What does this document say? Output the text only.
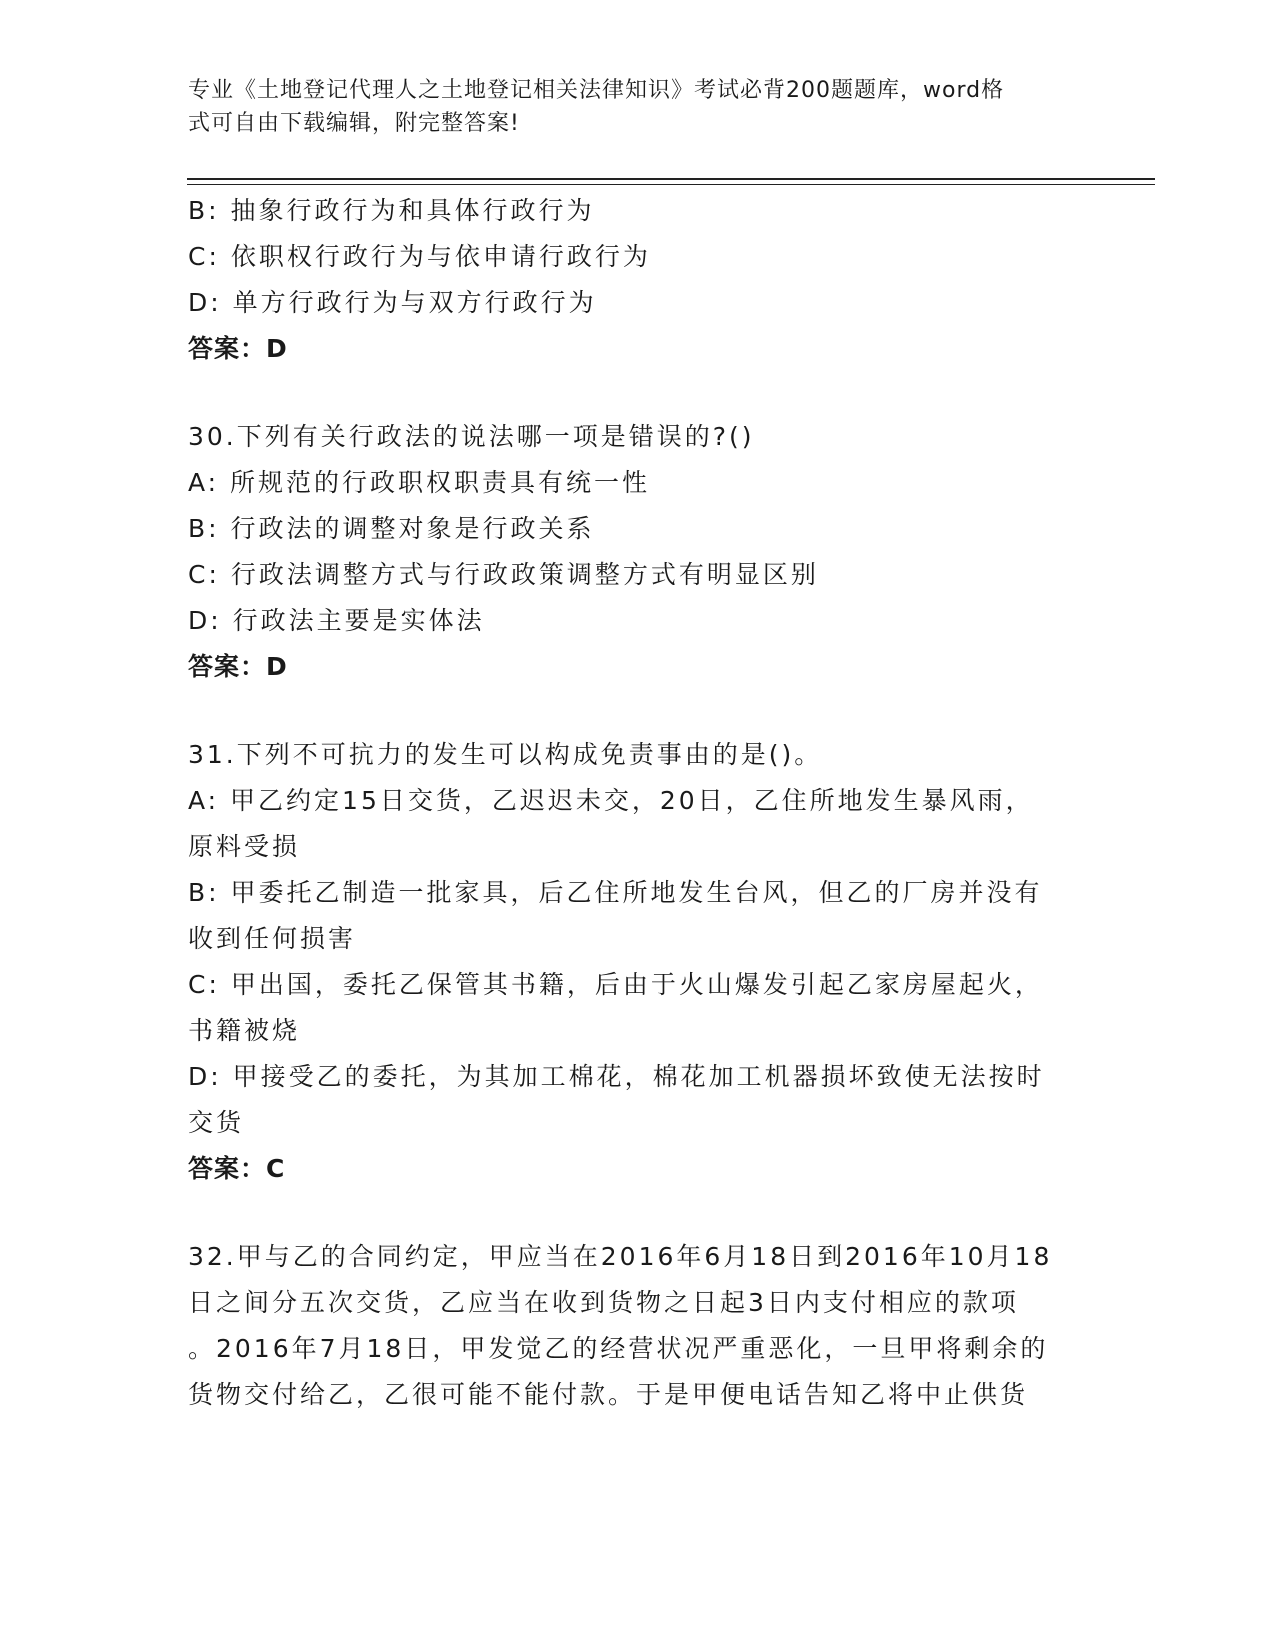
专业《土地登记代理人之土地登记相关法律知识》考试必背200题题库，word格
式可自由下载编辑，附完整答案!
B: 抽象行政行为和具体行政行为
C: 依职权行政行为与依申请行政行为
D: 单方行政行为与双方行政行为
答案：D
30.下列有关行政法的说法哪一项是错误的?()
A: 所规范的行政职权职责具有统一性
B: 行政法的调整对象是行政关系
C: 行政法调整方式与行政政策调整方式有明显区别
D: 行政法主要是实体法
答案：D
31.下列不可抗力的发生可以构成免责事由的是()。
A: 甲乙约定15日交货，乙迟迟未交，20日，乙住所地发生暴风雨，
原料受损
B: 甲委托乙制造一批家具，后乙住所地发生台风，但乙的厂房并没有
收到任何损害
C: 甲出国，委托乙保管其书籍，后由于火山爆发引起乙家房屋起火，
书籍被烧
D: 甲接受乙的委托，为其加工棉花，棉花加工机器损坏致使无法按时
交货
答案：C
32.甲与乙的合同约定，甲应当在2016年6月18日到2016年10月18
日之间分五次交货，乙应当在收到货物之日起3日内支付相应的款项
。2016年7月18日，甲发觉乙的经营状况严重恶化，一旦甲将剩余的
货物交付给乙，乙很可能不能付款。于是甲便电话告知乙将中止供货
